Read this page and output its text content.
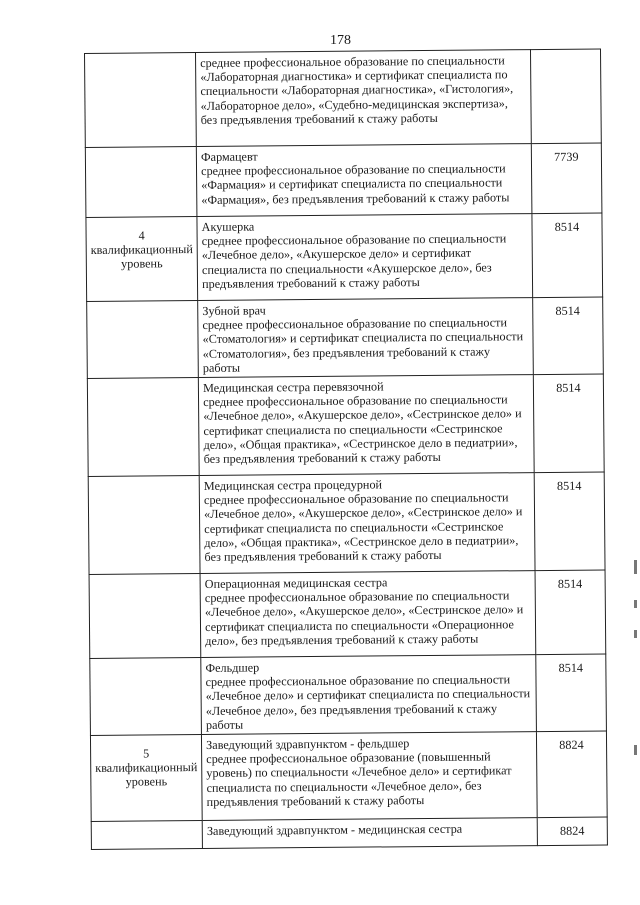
178

	среднее профессиональное образование по специальности «Лабораторная диагностика» и сертификат специалиста по специальности «Лабораторная диагностика», «Гистология», «Лабораторное дело», «Судебно-медицинская экспертиза», без предъявления требований к стажу работы	

	Фармацевт
среднее профессиональное образование по специальности «Фармация» и сертификат специалиста по специальности «Фармация», без предъявления требований к стажу работы	7739

4 квалификационный уровень	Акушерка
среднее профессиональное образование по специальности «Лечебное дело», «Акушерское дело» и сертификат специалиста по специальности «Акушерское дело», без предъявления требований к стажу работы	8514

	Зубной врач
среднее профессиональное образование по специальности «Стоматология» и сертификат специалиста по специальности «Стоматология», без предъявления требований к стажу работы	8514

	Медицинская сестра перевязочной
среднее профессиональное образование по специальности «Лечебное дело», «Акушерское дело», «Сестринское дело» и сертификат специалиста по специальности «Сестринское дело», «Общая практика», «Сестринское дело в педиатрии», без предъявления требований к стажу работы	8514

	Медицинская сестра процедурной
среднее профессиональное образование по специальности «Лечебное дело», «Акушерское дело», «Сестринское дело» и сертификат специалиста по специальности «Сестринское дело», «Общая практика», «Сестринское дело в педиатрии», без предъявления требований к стажу работы	8514

	Операционная медицинская сестра
среднее профессиональное образование по специальности «Лечебное дело», «Акушерское дело», «Сестринское дело» и сертификат специалиста по специальности «Операционное дело», без предъявления требований к стажу работы	8514

	Фельдшер
среднее профессиональное образование по специальности «Лечебное дело» и сертификат специалиста по специальности «Лечебное дело», без предъявления требований к стажу работы	8514

5 квалификационный уровень	Заведующий здравпунктом - фельдшер
среднее профессиональное образование (повышенный уровень) по специальности «Лечебное дело» и сертификат специалиста по специальности «Лечебное дело», без предъявления требований к стажу работы	8824

	Заведующий здравпунктом - медицинская сестра	8824
